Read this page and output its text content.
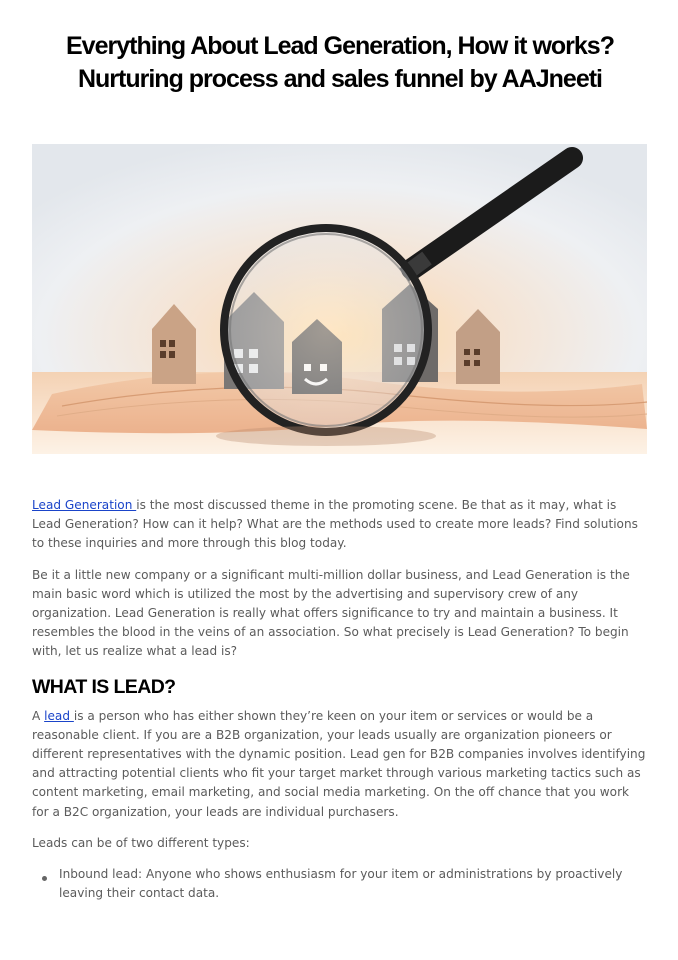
Everything About Lead Generation, How it works? Nurturing process and sales funnel by AAJneeti

Lead Generation is the most discussed theme in the promoting scene. Be that as it may, what is Lead Generation? How can it help? What are the methods used to create more leads? Find solutions to these inquiries and more through this blog today.

Be it a little new company or a significant multi-million dollar business, and Lead Generation is the main basic word which is utilized the most by the advertising and supervisory crew of any organization. Lead Generation is really what offers significance to try and maintain a business. It resembles the blood in the veins of an association. So what precisely is Lead Generation? To begin with, let us realize what a lead is?

WHAT IS LEAD?

A lead is a person who has either shown they’re keen on your item or services or would be a reasonable client. If you are a B2B organization, your leads usually are organization pioneers or different representatives with the dynamic position. Lead gen for B2B companies involves identifying and attracting potential clients who fit your target market through various marketing tactics such as content marketing, email marketing, and social media marketing. On the off chance that you work for a B2C organization, your leads are individual purchasers.

Leads can be of two different types:

Inbound lead: Anyone who shows enthusiasm for your item or administrations by proactively leaving their contact data.
